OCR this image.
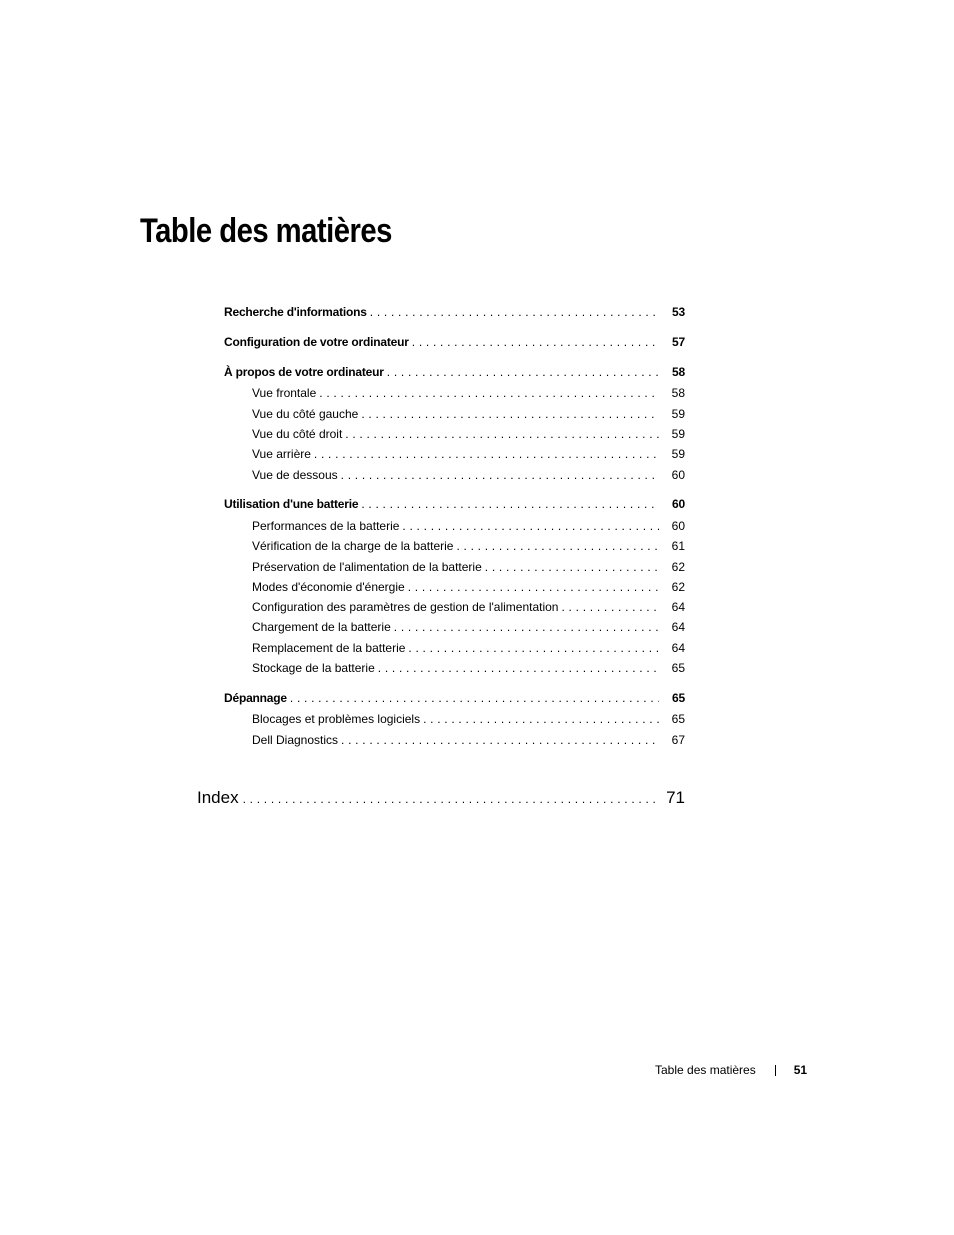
Table des matières
Recherche d'informations . . .	53
Configuration de votre ordinateur . . .	57
À propos de votre ordinateur . . .	58
Vue frontale . . .	58
Vue du côté gauche . . .	59
Vue du côté droit . . .	59
Vue arrière . . .	59
Vue de dessous . . .	60
Utilisation d'une batterie . . .	60
Performances de la batterie . . .	60
Vérification de la charge de la batterie . . .	61
Préservation de l'alimentation de la batterie . . .	62
Modes d'économie d'énergie . . .	62
Configuration des paramètres de gestion de l'alimentation . . .	64
Chargement de la batterie . . .	64
Remplacement de la batterie . . .	64
Stockage de la batterie . . .	65
Dépannage . . .	65
Blocages et problèmes logiciels . . .	65
Dell Diagnostics . . .	67
Index . . .	71
Table des matières	51
